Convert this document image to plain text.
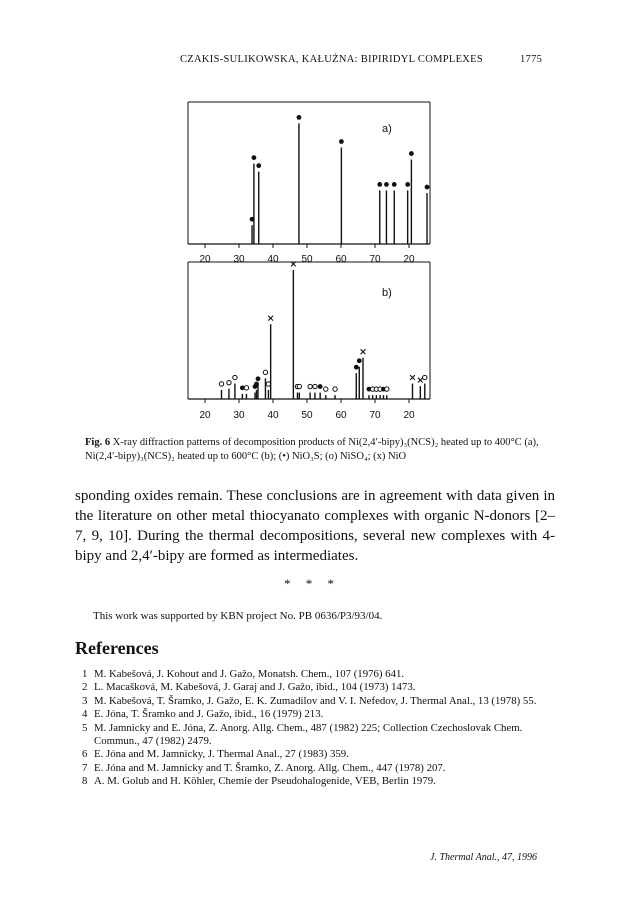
CZAKIS-SULIKOWSKA, KAŁUŻNA: BIPIRIDYL COMPLEXES	1775
20 30 40 50 60 70 20
a)
20 30 40 50 60 70 20
b)
Fig. 6 X-ray diffraction patterns of decomposition products of Ni(2,4′-bipy)₃(NCS)₂ heated up to 400°C (a), Ni(2,4′-bipy)₃(NCS)₂ heated up to 600°C (b); (•) NiO₃S; (o) NiSO₄; (x) NiO
sponding oxides remain. These conclusions are in agreement with data given in the literature on other metal thiocyanato complexes with organic N-donors [2–7, 9, 10]. During the thermal decompositions, several new complexes with 4-bipy and 2,4′-bipy are formed as intermediates.
* * *
This work was supported by KBN project No. PB 0636/P3/93/04.
References
1 M. Kabešová, J. Kohout and J. Gažo, Monatsh. Chem., 107 (1976) 641.
2 L. Macašková, M. Kabešová, J. Garaj and J. Gažo, ibid., 104 (1973) 1473.
3 M. Kabešová, T. Šramko, J. Gažo, E. K. Zumadilov and V. I. Nefedov, J. Thermal Anal., 13 (1978) 55.
4 E. Jóna, T. Šramko and J. Gažo, ibid., 16 (1979) 213.
5 M. Jamnicky and E. Jóna, Z. Anorg. Allg. Chem., 487 (1982) 225; Collection Czechoslovak Chem. Commun., 47 (1982) 2479.
6 E. Jóna and M. Jamnicky, J. Thermal Anal., 27 (1983) 359.
7 E. Jóna and M. Jamnicky and T. Šramko, Z. Anorg. Allg. Chem., 447 (1978) 207.
8 A. M. Golub and H. Köhler, Chemie der Pseudohalogenide, VEB, Berlin 1979.
J. Thermal Anal., 47, 1996
